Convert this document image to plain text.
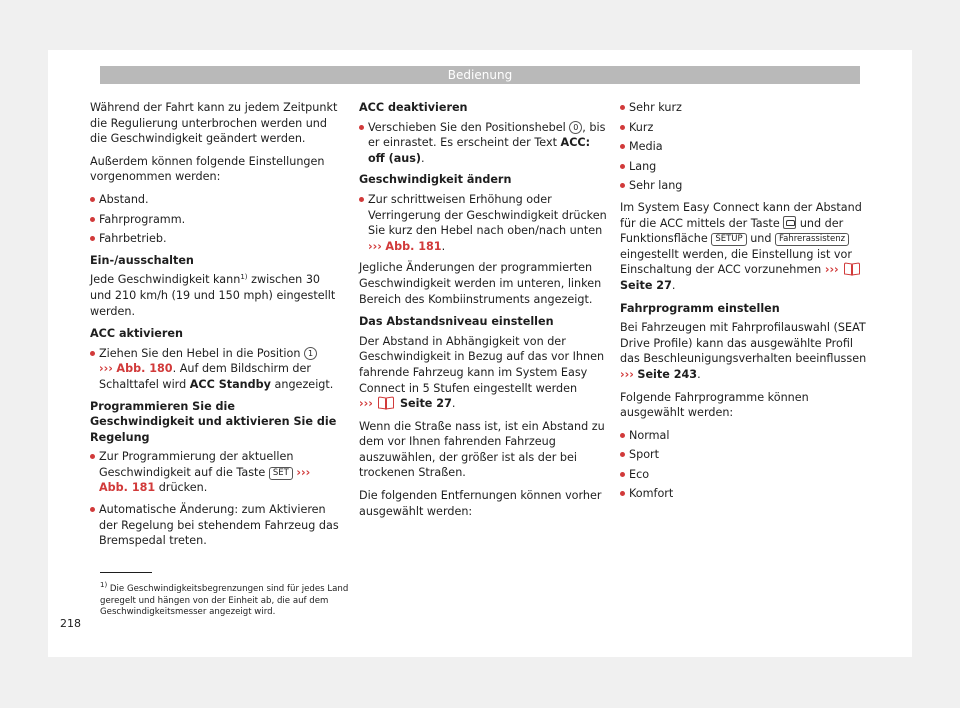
Bedienung

Während der Fahrt kann zu jedem Zeitpunkt die Regulierung unterbrochen werden und die Geschwindigkeit geändert werden.

Außerdem können folgende Einstellungen vorgenommen werden:

Abstand.
Fahrprogramm.
Fahrbetrieb.
Ein-/ausschalten

Jede Geschwindigkeit kann$^{1)}$ zwischen 30 und 210 km/h (19 und 150 mph) eingestellt werden.

ACC aktivieren
Ziehen Sie den Hebel in die Position 1
››› Abb. 180. Auf dem Bildschirm der Schalttafel wird ACC Standby angezeigt.
Programmieren Sie die Geschwindigkeit und aktivieren Sie die Regelung
Zur Programmierung der aktuellen Geschwindigkeit auf die Taste SET ››› Abb. 181 drücken.
Automatische Änderung: zum Aktivieren der Regelung bei stehendem Fahrzeug das Bremspedal treten.
ACC deaktivieren
Verschieben Sie den Positionshebel 0 , bis er einrastet. Es erscheint der Text ACC: off (aus).
Geschwindigkeit ändern
Zur schrittweisen Erhöhung oder Verringerung der Geschwindigkeit drücken Sie kurz den Hebel nach oben/nach unten ››› Abb. 181.

Jegliche Änderungen der programmierten Geschwindigkeit werden im unteren, linken Bereich des Kombiinstruments angezeigt.

Das Abstandsniveau einstellen

Der Abstand in Abhängigkeit von der Geschwindigkeit in Bezug auf das vor Ihnen fahrende Fahrzeug kann im System Easy Connect in 5 Stufen eingestellt werden
››› Seite 27.

Wenn die Straße nass ist, ist ein Abstand zu dem vor Ihnen fahrenden Fahrzeug auszuwählen, der größer ist als der bei trockenen Straßen.

Die folgenden Entfernungen können vorher ausgewählt werden:

Sehr kurz
Kurz
Media
Lang
Sehr lang

Im System Easy Connect kann der Abstand für die ACC mittels der Taste  und der Funktionsfläche SETUP und Fahrerassistenz eingestellt werden, die Einstellung ist vor Einschaltung der ACC vorzunehmen ›››  Seite 27.

Fahrprogramm einstellen

Bei Fahrzeugen mit Fahrprofilauswahl (SEAT Drive Profile) kann das ausgewählte Profil das Beschleunigungsverhalten beeinflussen
››› Seite 243.

Folgende Fahrprogramme können ausgewählt werden:

Normal
Sport
Eco
Komfort
$^{1)}$ Die Geschwindigkeitsbegrenzungen sind für jedes Land geregelt und hängen von der Einheit ab, die auf dem Geschwindigkeitsmesser angezeigt wird.
218
